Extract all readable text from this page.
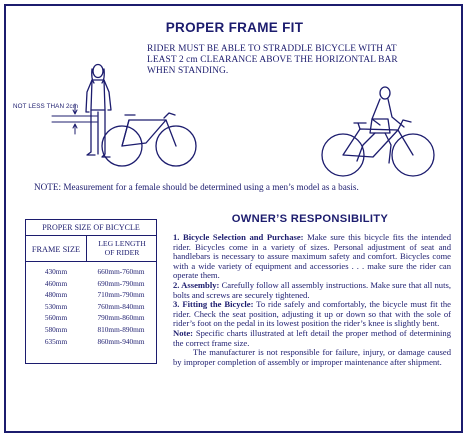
PROPER FRAME FIT
RIDER MUST BE ABLE TO STRADDLE BICYCLE WITH AT LEAST 2 cm CLEARANCE ABOVE THE HORIZONTAL BAR WHEN STANDING.
NOT LESS THAN 2cm
NOTE: Measurement for a female should be determined using a men’s model as a basis.
PROPER SIZE OF BICYCLE
FRAME SIZE
LEG LENGTH
OF RIDER
430mm	660mm-760mm
460mm	690mm-790mm
480mm	710mm-790mm
530mm	760mm-840mm
560mm	790mm-860mm
580mm	810mm-890mm
635mm	860mm-940mm
OWNER’S RESPONSIBILITY

1. Bicycle Selection and Purchase: Make sure this bicycle fits the intended rider. Bicycles come in a variety of sizes. Personal adjustment of seat and handlebars is necessary to assure maximum safety and comfort. Bicycles come with a wide variety of equipment and accessories . . . make sure the rider can operate them.

2. Assembly: Carefully follow all assembly instructions. Make sure that all nuts, bolts and screws are securely tightened.

3. Fitting the Bicycle: To ride safely and comfortably, the bicycle must fit the rider. Check the seat position, adjusting it up or down so that with the sole of rider’s foot on the pedal in its lowest position the rider’s knee is slightly bent.

Note: Specific charts illustrated at left detail the proper method of determining the correct frame size.

The manufacturer is not responsible for failure, injury, or damage caused by improper completion of assembly or improper maintenance after shipment.
